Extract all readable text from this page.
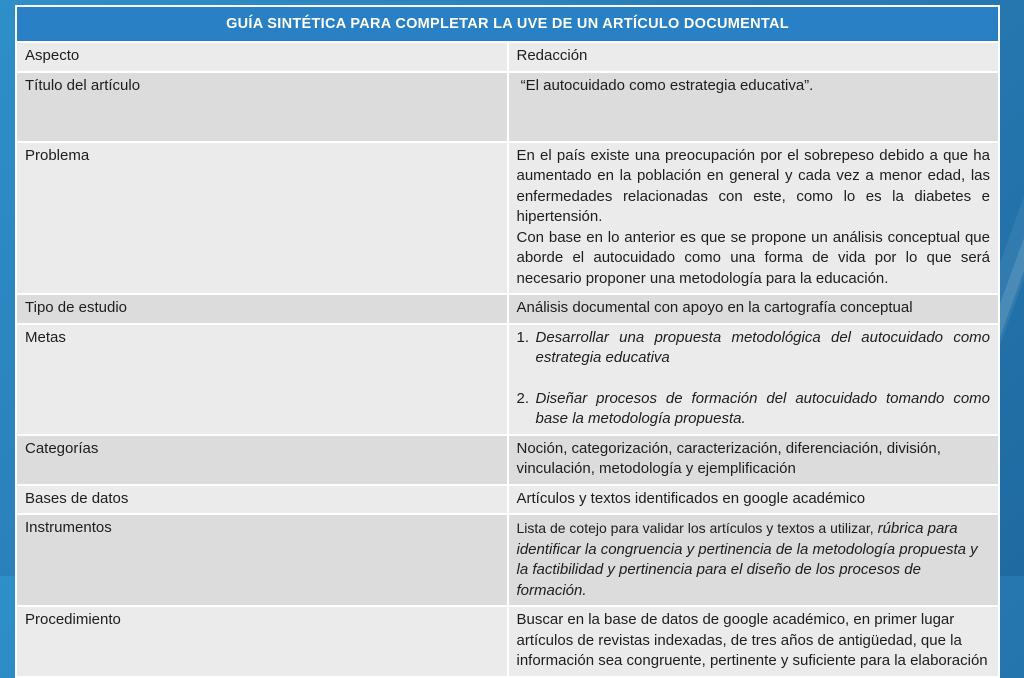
GUÍA SINTÉTICA PARA COMPLETAR LA UVE DE UN ARTÍCULO DOCUMENTAL	
Aspecto	Redacción
Título del artículo	“El autocuidado como estrategia educativa”.
Problema	En el país existe una preocupación por el sobrepeso debido a que ha aumentado en la población en general y cada vez a menor edad, las enfermedades relacionadas con este, como lo es la diabetes e hipertensión.
Con base en lo anterior es que se propone un análisis conceptual que aborde el autocuidado como una forma de vida por lo que será necesario proponer una metodología para la educación.

Tipo de estudio	Análisis documental con apoyo en la cartografía conceptual
Metas	1. Desarrollar una propuesta metodológica del autocuidado como estrategia educativa
2. Diseñar procesos de formación del autocuidado tomando como base la metodología propuesta.

Categorías	Noción, categorización, caracterización, diferenciación, división, vinculación, metodología y ejemplificación
Bases de datos	Artículos y textos identificados en google académico
Instrumentos	Lista de cotejo para validar los artículos y textos a utilizar, rúbrica para identificar la congruencia y pertinencia de la metodología propuesta y la factibilidad y pertinencia para el diseño de los procesos de formación.
Procedimiento	Buscar en la base de datos de google académico, en primer lugar artículos de revistas indexadas, de tres años de antigüedad, que la información sea congruente, pertinente y suficiente para la elaboración
